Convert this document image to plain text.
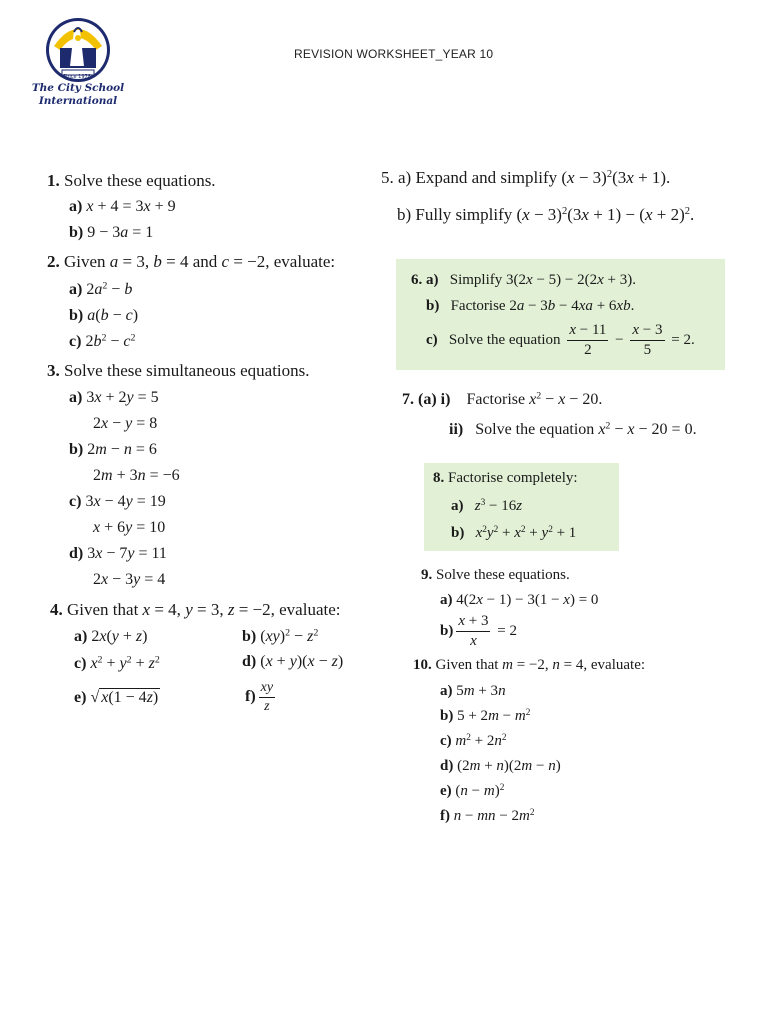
Since 1978
The City School
International
REVISION WORKSHEET_YEAR 10
1. Solve these equations.
a) x + 4 = 3x + 9
b) 9 − 3a = 1
2. Given a = 3, b = 4 and c = −2, evaluate:
a) $2a^2 - b$
b) a(b − c)
c) $2b^2 - c^2$
3. Solve these simultaneous equations.
a) 3x + 2y = 5
2x − y = 8
b) 2m − n = 6
2m + 3n = −6
c) 3x − 4y = 19
x + 6y = 10
d) 3x − 7y = 11
2x − 3y = 4
4. Given that x = 4, y = 3, z = −2, evaluate:
a) 2x(y + z)	b) $(xy)^2 - z^2$
c) $x^2 + y^2 + z^2$	d) (x + y)(x − z)
e) √ x(1 − 4z)	$f) \frac{xy}{z}$
5. a) Expand and simplify $(x - 3)^2(3x + 1)$.
b) Fully simplify $(x - 3)^2(3x + 1) - (x + 2)^2$.
6. a) Simplify 3(2x − 5) − 2(2x + 3).
b) Factorise 2a − 3b − 4xa + 6xb.
c) Solve the equation $\frac{x - 11}{2} - \frac{x - 3}{5} = 2$.
7. (a) i) Factorise $x^2 - x - 20$.
ii) Solve the equation $x^2 - x - 20 = 0$.
8. Factorise completely:
a) $z^3 - 16z$
b) $x^2y^2 + x^2 + y^2 + 1$
9. Solve these equations.
a) 4(2x − 1) − 3(1 − x) = 0
$b) \frac{x + 3}{x} = 2$
10. Given that m = −2, n = 4, evaluate:
a) 5m + 3n
b) $5 + 2m - m^2$
c) $m^2 + 2n^2$
d) (2m + n)(2m − n)
e) $(n - m)^2$
f) n − mn − $2m^2$
